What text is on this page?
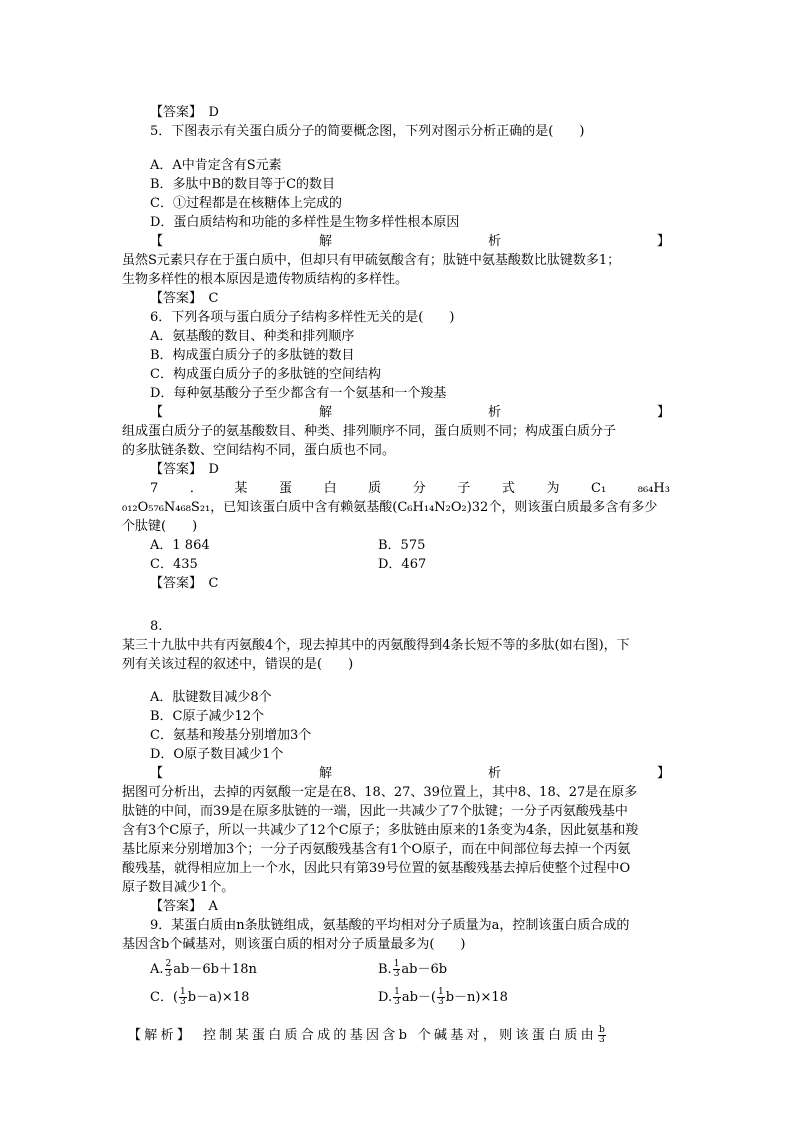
【答案】　D
5．下图表示有关蛋白质分子的简要概念图，下列对图示分析正确的是(　　)
A．A中肯定含有S元素
B．多肽中B的数目等于C的数目
C．①过程都是在核糖体上完成的
D．蛋白质结构和功能的多样性是生物多样性根本原因
【	解	析	】
虽然S元素只存在于蛋白质中，但却只有甲硫氨酸含有；肽链中氨基酸数比肽键数多1；
生物多样性的根本原因是遗传物质结构的多样性。
【答案】　C
6．下列各项与蛋白质分子结构多样性无关的是(　　)
A．氨基酸的数目、种类和排列顺序
B．构成蛋白质分子的多肽链的数目
C．构成蛋白质分子的多肽链的空间结构
D．每种氨基酸分子至少都含有一个氨基和一个羧基
【	解	析	】
组成蛋白质分子的氨基酸数目、种类、排列顺序不同，蛋白质则不同；构成蛋白质分子
的多肽链条数、空间结构不同，蛋白质也不同。
【答案】　D
7 ． 某 蛋 白 质 分 子 式 为 C₁ ₈₆₄H₃
₀₁₂O₅₇₆N₄₆₈S₂₁，已知该蛋白质中含有赖氨基酸(C₆H₁₄N₂O₂)32个，则该蛋白质最多含有多少
个肽键(　　)
A．1 864	B．575
C．435	D．467
【答案】　C
8.
某三十九肽中共有丙氨酸4个，现去掉其中的丙氨酸得到4条长短不等的多肽(如右图)，下
列有关该过程的叙述中，错误的是(　　)
A．肽键数目减少8个
B．C原子减少12个
C．氨基和羧基分别增加3个
D．O原子数目减少1个
【	解	析	】
据图可分析出，去掉的丙氨酸一定是在8、18、27、39位置上，其中8、18、27是在原多
肽链的中间，而39是在原多肽链的一端，因此一共减少了7个肽键；一分子丙氨酸残基中
含有3个C原子，所以一共减少了12个C原子；多肽链由原来的1条变为4条，因此氨基和羧
基比原来分别增加3个；一分子丙氨酸残基含有1个O原子，而在中间部位每去掉一个丙氨
酸残基，就得相应加上一个水，因此只有第39号位置的氨基酸残基去掉后使整个过程中O
原子数目减少1个。
【答案】　A
9．某蛋白质由n条肽链组成，氨基酸的平均相对分子质量为a，控制该蛋白质合成的
基因含b个碱基对，则该蛋白质的相对分子质量最多为(　　)
A. $\frac{2}{3} ab-6b+18n$	B. $\frac{1}{3} ab-6b$
C．( $\frac{1}{3} b-a)\times 18$	D. $\frac{1}{3} ab-( \frac{1}{3} b-n)\times 18$
【解析】　控制某蛋白质合成的基因含b 个碱基对，则该蛋白质由 $\frac{b}{3}$
